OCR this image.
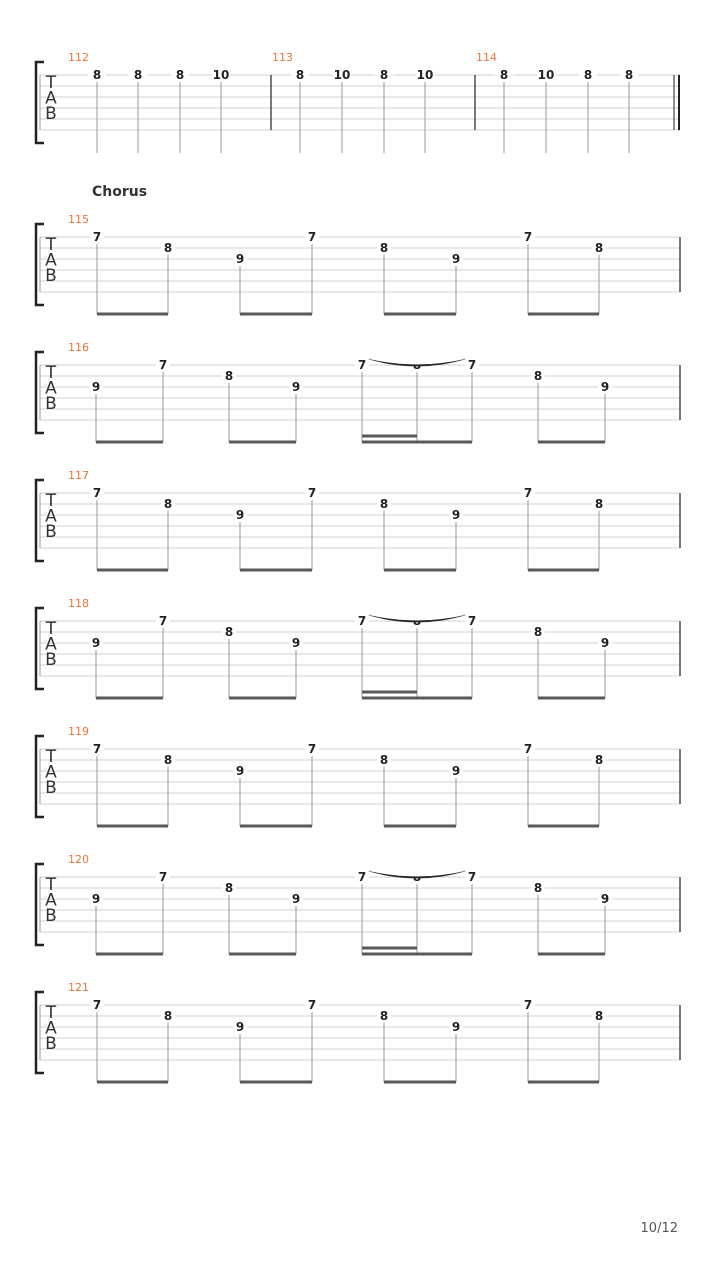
T
A
B
112
8	8	8 10
113
8 10 8 10
114
8 10 8	8
T
A
B
Chorus
115
7
8
9
7
8
9
7
8
T
A
B
116
9
7
8
9
7	7
8
9
T
A
B
117
7
8
9
7
8
9
7
8
T
A
B
118
9
7
8
9
7	7
8
9
T
A
B
119
7
8
9
7
8
9
7
8
T
A
B
120
9
7
8
9
7	7
8
9
T
A
B
121
7
8
9
7
8
9
7
8
10/12
